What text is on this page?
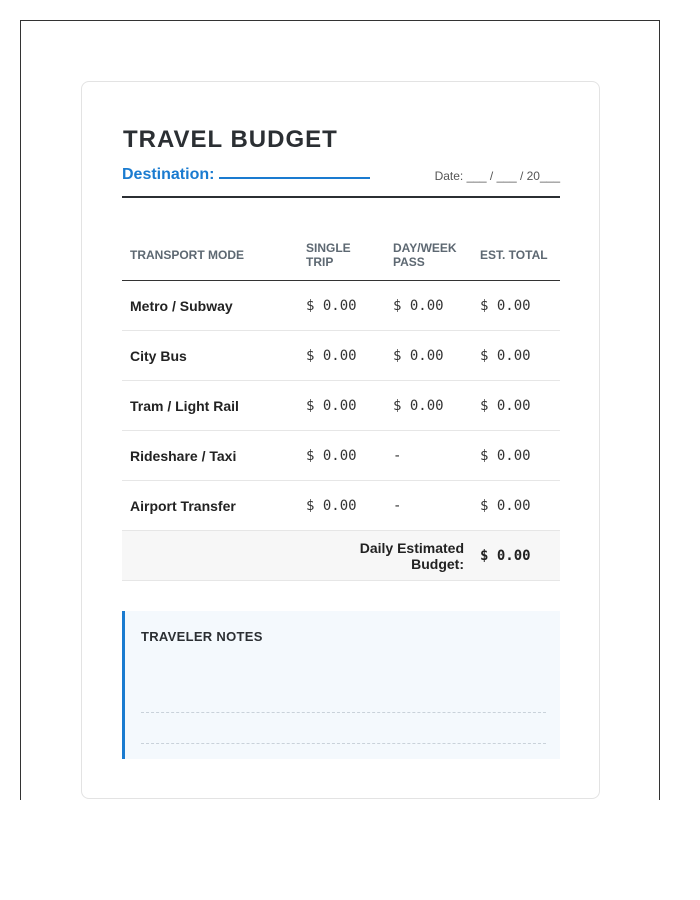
TRAVEL BUDGET
Destination:	Date: ___ / ___ / 20___
TRANSPORT MODE	SINGLE TRIP	DAY/WEEK PASS	EST. TOTAL
Metro / Subway	$ 0.00	$ 0.00	$ 0.00
City Bus	$ 0.00	$ 0.00	$ 0.00
Tram / Light Rail	$ 0.00	$ 0.00	$ 0.00
Rideshare / Taxi	$ 0.00	-	$ 0.00
Airport Transfer	$ 0.00	-	$ 0.00
	Daily Estimated Budget:		$ 0.00
TRAVELER NOTES
